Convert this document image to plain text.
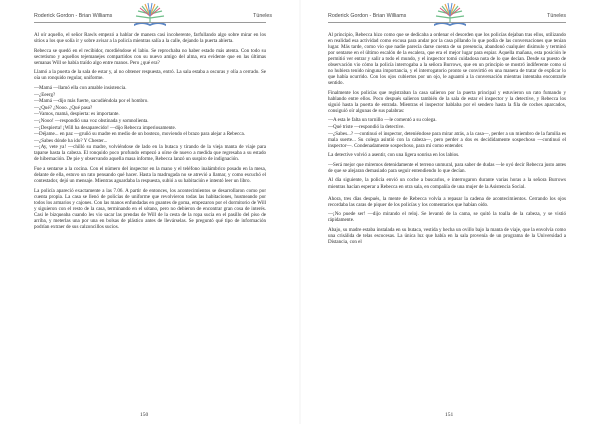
Roderick Gordon - Brian Williams	Túneles

Al oír aquello, el señor Rawls empezó a hablar de manera casi incoherente, farfullando algo sobre mirar en los sitios a los que solía ir y sobre avisar a la policía mientras salía a la calle, dejando la puerta abierta.

Rebecca se quedó en el recibidor, mordiéndose el labio. Se reprochaba no haber estado más atenta. Con todo su secretismo y aquellos tejemanejes compartidos con su nuevo amigo del alma, era evidente que en las últimas semanas Will se había traído algo entre manos. Pero ¿qué era?

Llamó a la puerta de la sala de estar y, al no obtener respuesta, entró. La sala estaba a oscuras y olía a cerrado. Se oía un ronquido regular, uniforme.

—Mamá —llamó ella con amable insistencia.

—¿Eeerg?

—Mamá —dijo más fuerte, sacudiéndola por el hombro.

—¿Qué? ¿Nooo. ¿Qué pasa?

—Vamos, mamá, despierta: es importante.

—¡Nooo! —respondió una voz obstinada y somnolienta.

—¡Despierta! ¡Will ha desaparecido! —dijo Rebecca imperiosamente.

—Déjame... en paz —gruñó su madre en medio de un bostezo, moviendo el brazo para alejar a Rebecca.

—¿Sabes dónde ha ido? Y Chester...

—¡Ay, vete ya! —chilló su madre, volviéndose de lado en la butaca y tirando de la vieja manta de viaje para taparse hasta la cabeza. El ronquido poco profundo empezó a oírse de nuevo a medida que regresaba a su estado de hibernación. De pie y observando aquella masa informe, Rebecca lanzó un suspiro de indignación.

Fue a sentarse a la cocina. Con el número del inspector en la mano y el teléfono inalámbrico posado en la mesa, delante de ella, estuvo un rato pensando qué hacer. Hasta la madrugada no se atrevió a llamar, y como escuchó el contestador, dejó un mensaje. Mientras aguardaba la respuesta, subió a su habitación e intentó leer un libro.

La policía apareció exactamente a las 7.06. A partir de entonces, los acontecimientos se desarrollaron como por cuenta propia. La casa se llenó de policías de uniforme que revolvieron todas las habitaciones, husmeando por todos los armarios y cajones. Con las manos enfundadas en guantes de goma, empezaron por el dormitorio de Will y siguieron con el resto de la casa, terminando en el sótano, pero no debieron de encontrar gran cosa de interés. Casi le bizqueaba cuando les vio sacar las prendas de Will de la cesta de la ropa sucia en el pasillo del piso de arriba, y meterlas una por una en bolsas de plástico antes de llevárselas. Se preguntó qué tipo de información podrían extraer de sus calzoncillos sucios.

150
Roderick Gordon - Brian Williams	Túneles

Al principio, Rebecca hizo como que se dedicaba a ordenar el desorden que los policías dejaban tras ellos, utilizando en realidad esa actividad como excusa para andar por la casa pillando lo que podía de las conversaciones que tenían lugar. Más tarde, como vio que nadie parecía darse cuenta de su presencia, abandonó cualquier disimulo y terminó por sentarse en el último escalón de la escalera, que era el mejor lugar para espiar. Aquella mañana, esta posición le permitió ver entrar y salir a todo el mundo, y el inspector tomó cuidadosa nota de lo que decían. Desde su puesto de observación vio cómo la policía interrogaba a la señora Burrows, que en un principio se mostró indiferente como si no hubiera tenido ninguna importancia, y el interrogatorio pronto se convirtió en una manera de tratar de explicar lo que había ocurrido. Con los ojos cubiertos por un ojo, le aguantó a la conversación mientras intentaba encontrarle sentido.

Finalmente los policías que registraban la casa salieron por la puerta principal y estuvieron un rato fumando y hablando entre ellos. Poco después salieron también de la sala de estar el inspector y la detective, y Rebecca los siguió hasta la puerta de entrada. Mientras el inspector hablaba por el sendero hasta la fila de coches aparcados, consiguió oír algunas de sus palabras:

—A esta le falta un tornillo —le comentó a su colega.

—Qué triste —respondió la detective.

—¿Sabes...? —continuó el inspector, deteniéndose para mirar atrás, a la casa—, perder a un miembro de la familia es mala suerte... Su colega asintió con la cabeza—, pero perder a dos es decididamente sospechoso —continuó el inspector—. Condenadamente sospechoso, para mí como entender.

La detective volvió a asentir, con una ligera sonrisa en los labios.

—Será mejor que miremos detenidamente el terreno unmural, para saber de dudas —le oyó decir Rebecca justo antes de que se alejaran demasiado para seguir entendiendo lo que decían.

Al día siguiente, la policía envió un coche a buscarlos, e interrogaron durante varias horas a la señora Burrows mientras hacían esperar a Rebecca en otra sala, en compañía de una mujer de la Asistencia Social.

Ahora, tres días después, la mente de Rebecca volvía a repasar la cadena de acontecimientos. Cerrando los ojos recordaba las caras de piquer de los policías y los comentarios que habían oído.

—¡No puede ser! —dijo mirando el reloj. Se levantó de la cama, se quitó la toalla de la cabeza, y se vistió rápidamente.

Abajo, su madre estaba instalada en su butaca, vestida y hecha un ovillo bajo la manta de viaje, que la envolvía como una crisálida de telas escocesas. La única luz que había en la sala provenía de un programa de la Universidad a Distancia, con el

151
